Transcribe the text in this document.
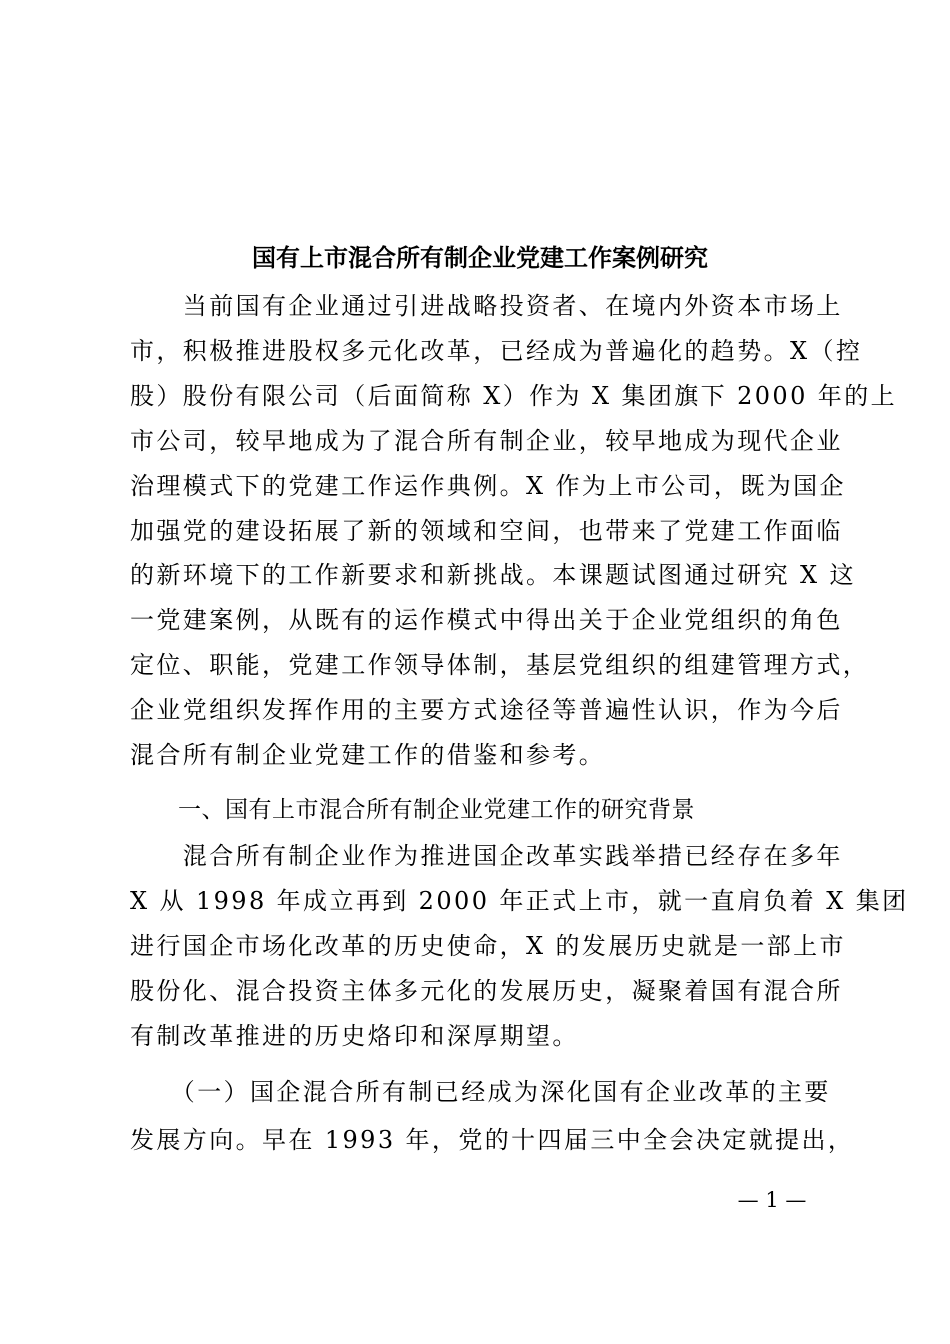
国有上市混合所有制企业党建工作案例研究
　　当前国有企业通过引进战略投资者、在境内外资本市场上
市，积极推进股权多元化改革，已经成为普遍化的趋势。X（控
股）股份有限公司（后面简称 X）作为 X 集团旗下 2000 年的上
市公司，较早地成为了混合所有制企业，较早地成为现代企业
治理模式下的党建工作运作典例。X 作为上市公司，既为国企
加强党的建设拓展了新的领域和空间，也带来了党建工作面临
的新环境下的工作新要求和新挑战。本课题试图通过研究 X 这
一党建案例，从既有的运作模式中得出关于企业党组织的角色
定位、职能，党建工作领导体制，基层党组织的组建管理方式，
企业党组织发挥作用的主要方式途径等普遍性认识，作为今后
混合所有制企业党建工作的借鉴和参考。
一、国有上市混合所有制企业党建工作的研究背景
　　混合所有制企业作为推进国企改革实践举措已经存在多年
X 从 1998 年成立再到 2000 年正式上市，就一直肩负着 X 集团
进行国企市场化改革的历史使命，X 的发展历史就是一部上市
股份化、混合投资主体多元化的发展历史，凝聚着国有混合所
有制改革推进的历史烙印和深厚期望。
　　（一）国企混合所有制已经成为深化国有企业改革的主要
发展方向。早在 1993 年，党的十四届三中全会决定就提出，
— 1 —
